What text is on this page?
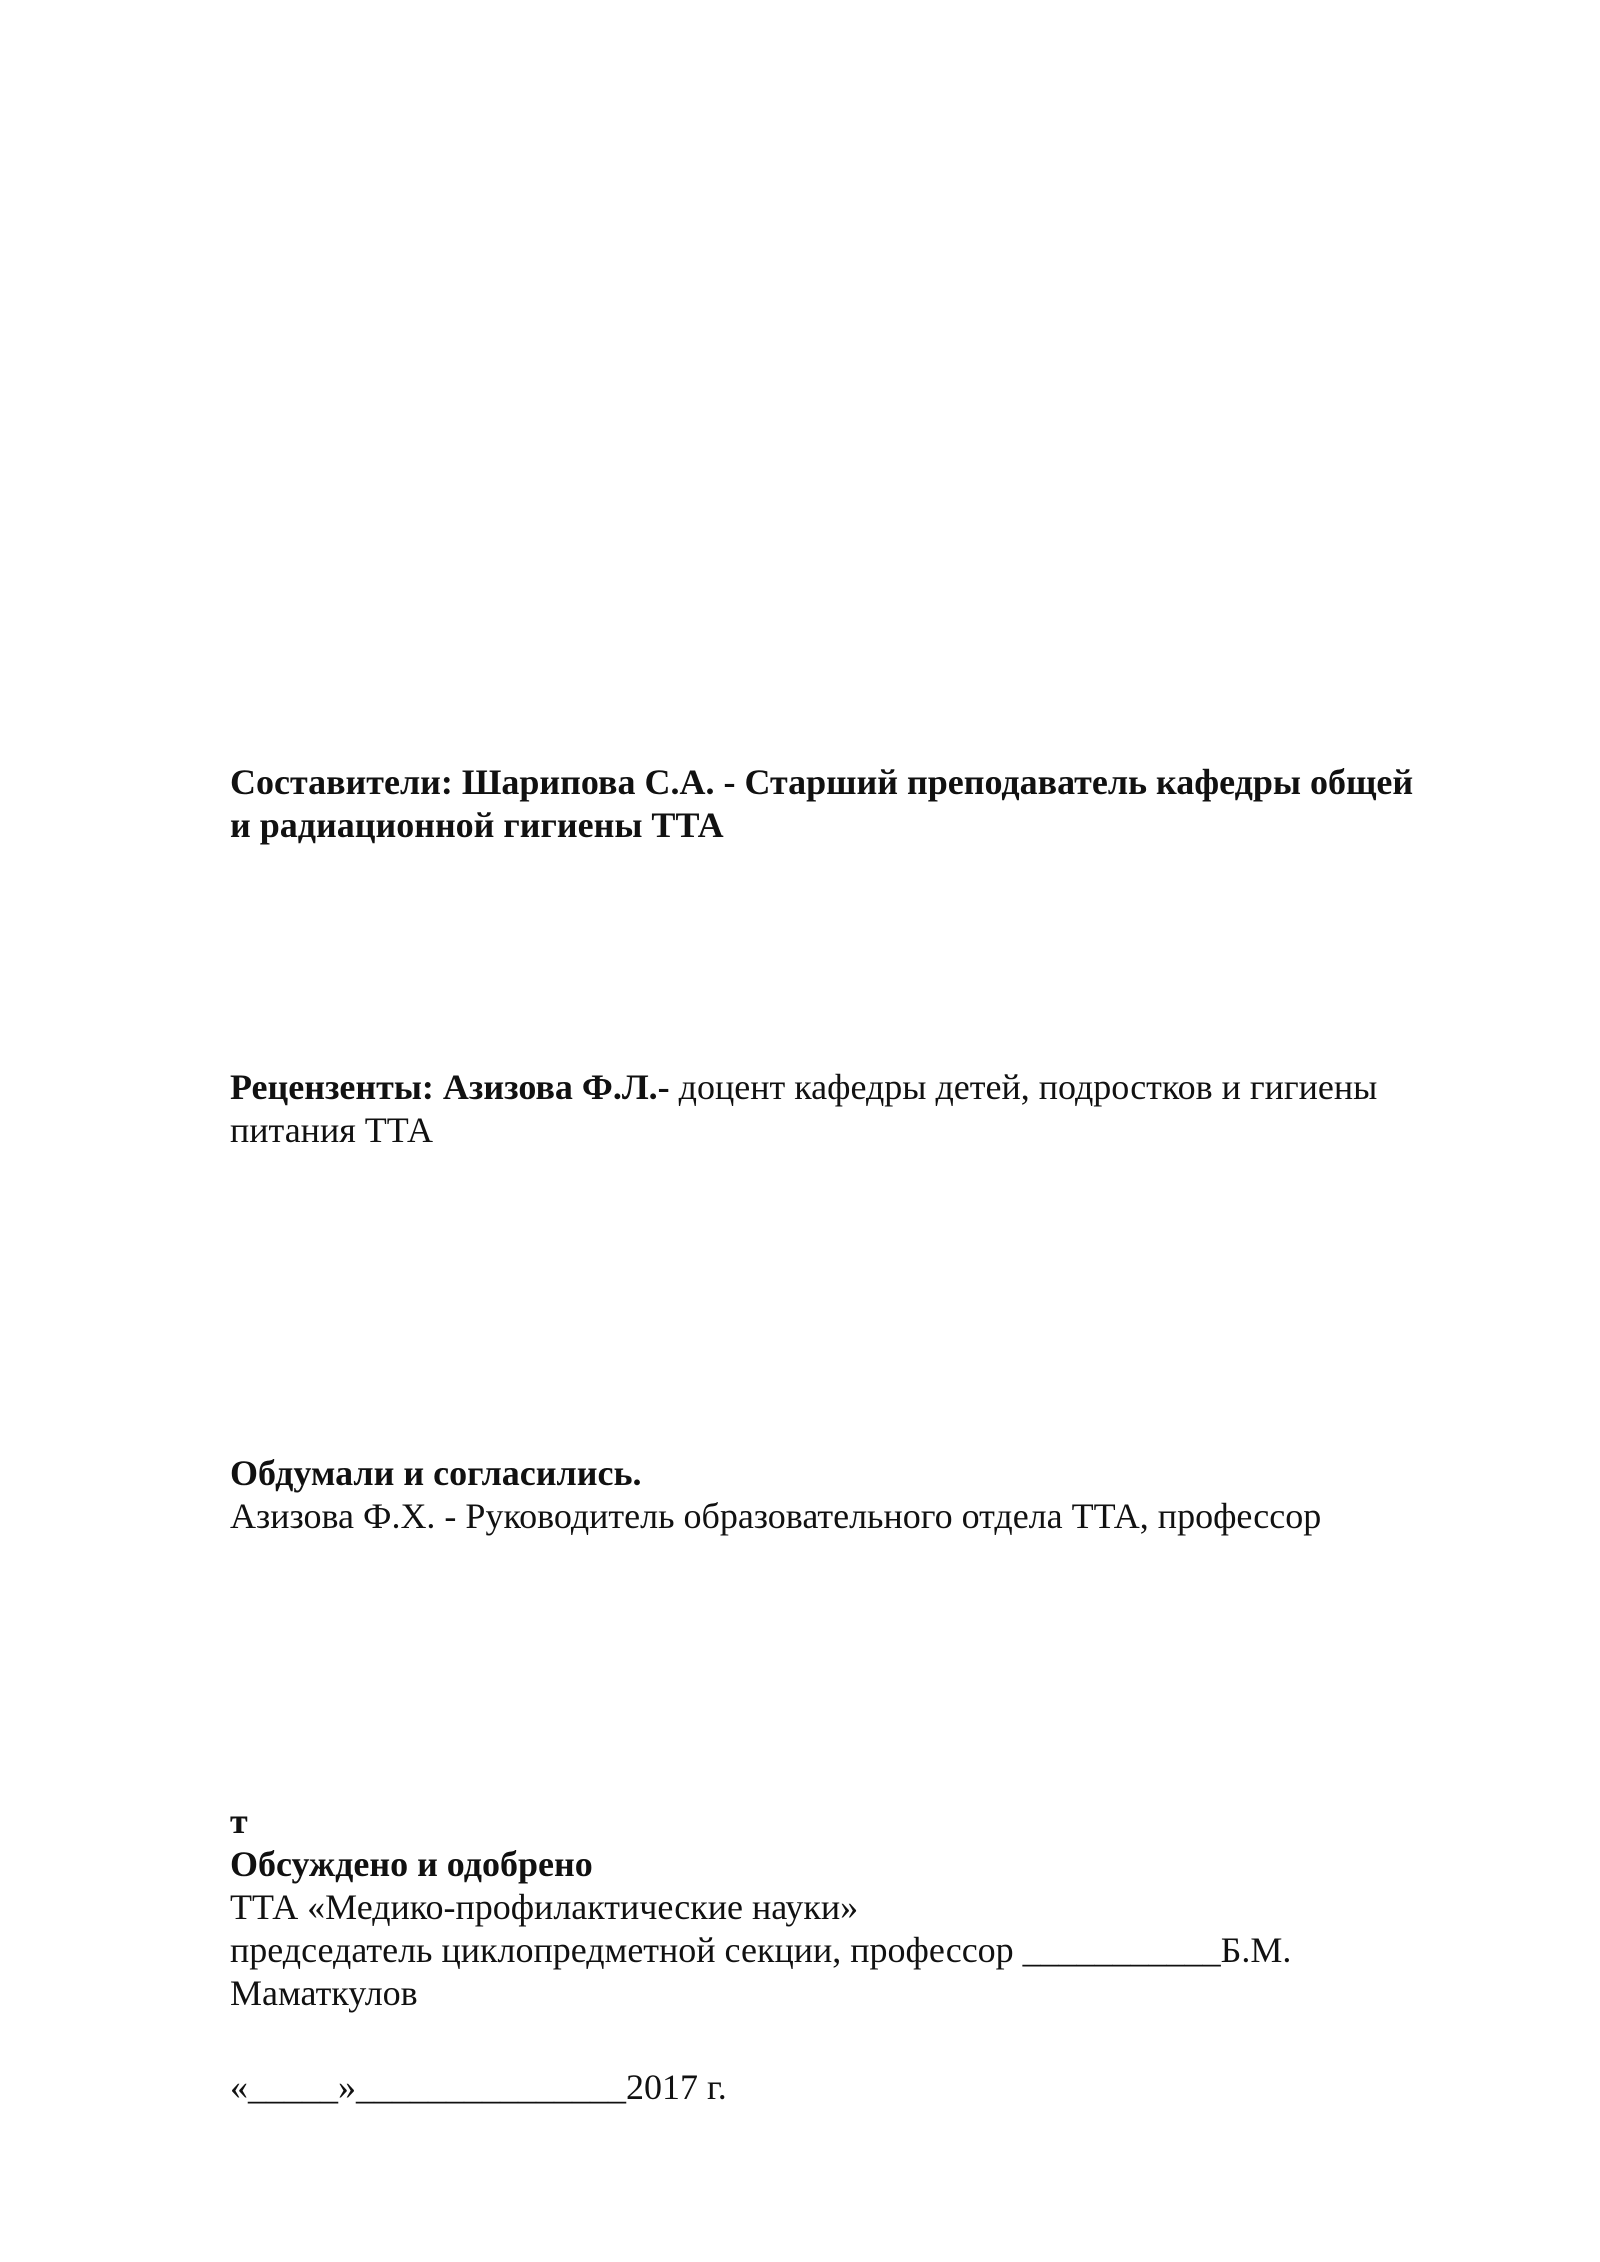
Составители: Шарипова С.А. - Старший преподаватель кафедры общей
и радиационной гигиены ТТА
Рецензенты: Азизова Ф.Л.- доцент кафедры детей, подростков и гигиены
питания ТТА
Обдумали и согласились.
Азизова Ф.Х. - Руководитель образовательного отдела ТТА, профессор
т
Обсуждено и одобрено
ТТА «Медико-профилактические науки»
председатель циклопредметной секции, профессор ___________Б.М.
Маматкулов
«_____»_______________2017 г.
